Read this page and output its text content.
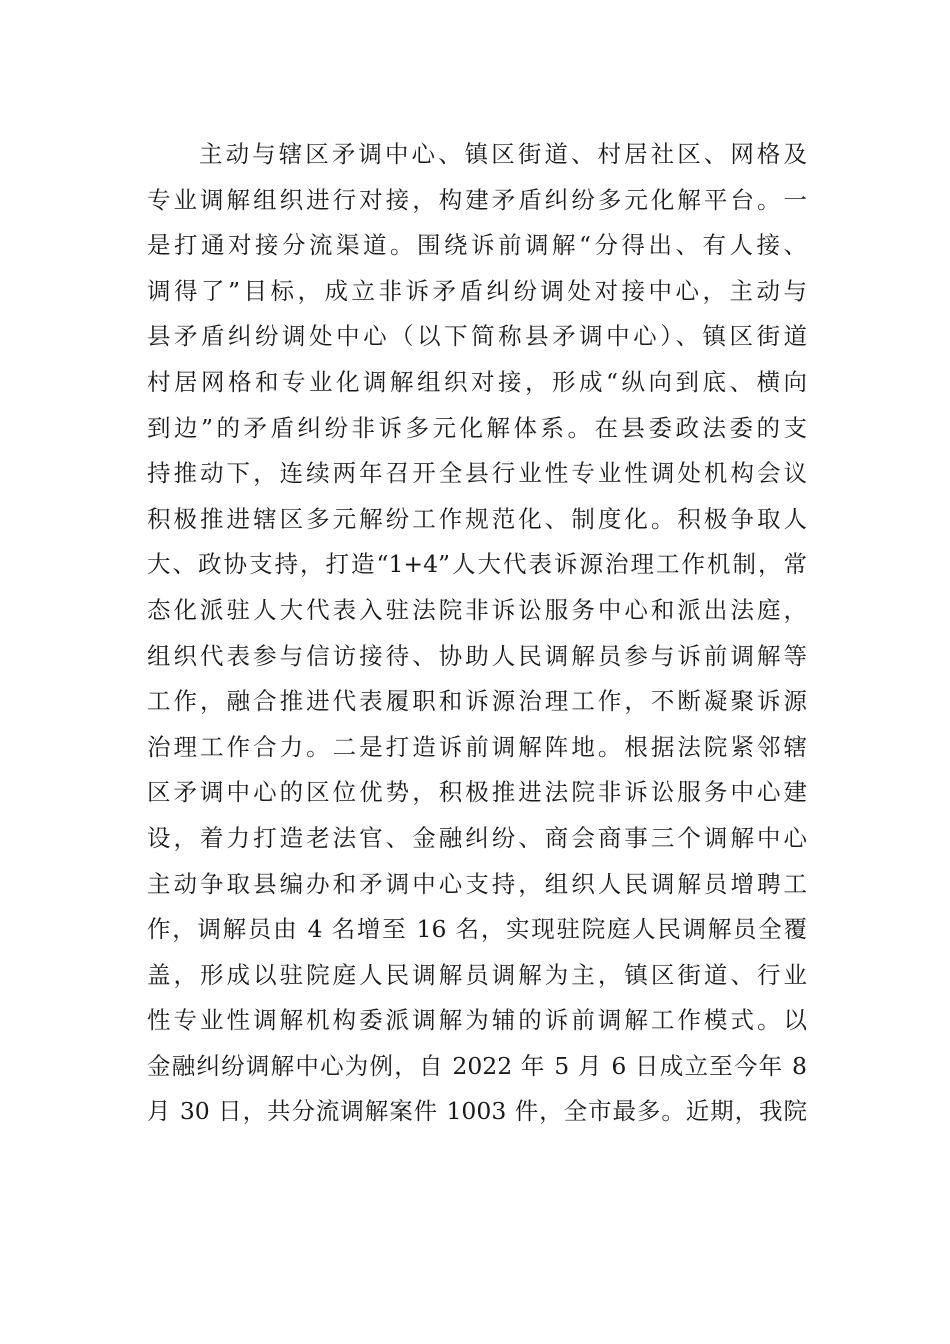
主动与辖区矛调中心、镇区街道、村居社区、网格及
专业调解组织进行对接，构建矛盾纠纷多元化解平台。一
是打通对接分流渠道。围绕诉前调解“分得出、有人接、
调得了”目标，成立非诉矛盾纠纷调处对接中心，主动与
县矛盾纠纷调处中心（以下简称县矛调中心）、镇区街道
村居网格和专业化调解组织对接，形成“纵向到底、横向
到边”的矛盾纠纷非诉多元化解体系。在县委政法委的支
持推动下，连续两年召开全县行业性专业性调处机构会议
积极推进辖区多元解纷工作规范化、制度化。积极争取人
大、政协支持，打造“1+4”人大代表诉源治理工作机制，常
态化派驻人大代表入驻法院非诉讼服务中心和派出法庭，
组织代表参与信访接待、协助人民调解员参与诉前调解等
工作，融合推进代表履职和诉源治理工作，不断凝聚诉源
治理工作合力。二是打造诉前调解阵地。根据法院紧邻辖
区矛调中心的区位优势，积极推进法院非诉讼服务中心建
设，着力打造老法官、金融纠纷、商会商事三个调解中心
主动争取县编办和矛调中心支持，组织人民调解员增聘工
作，调解员由 4 名增至 16 名，实现驻院庭人民调解员全覆
盖，形成以驻院庭人民调解员调解为主，镇区街道、行业
性专业性调解机构委派调解为辅的诉前调解工作模式。以
金融纠纷调解中心为例，自 2022 年 5 月 6 日成立至今年 8
月 30 日，共分流调解案件 1003 件，全市最多。近期，我院
